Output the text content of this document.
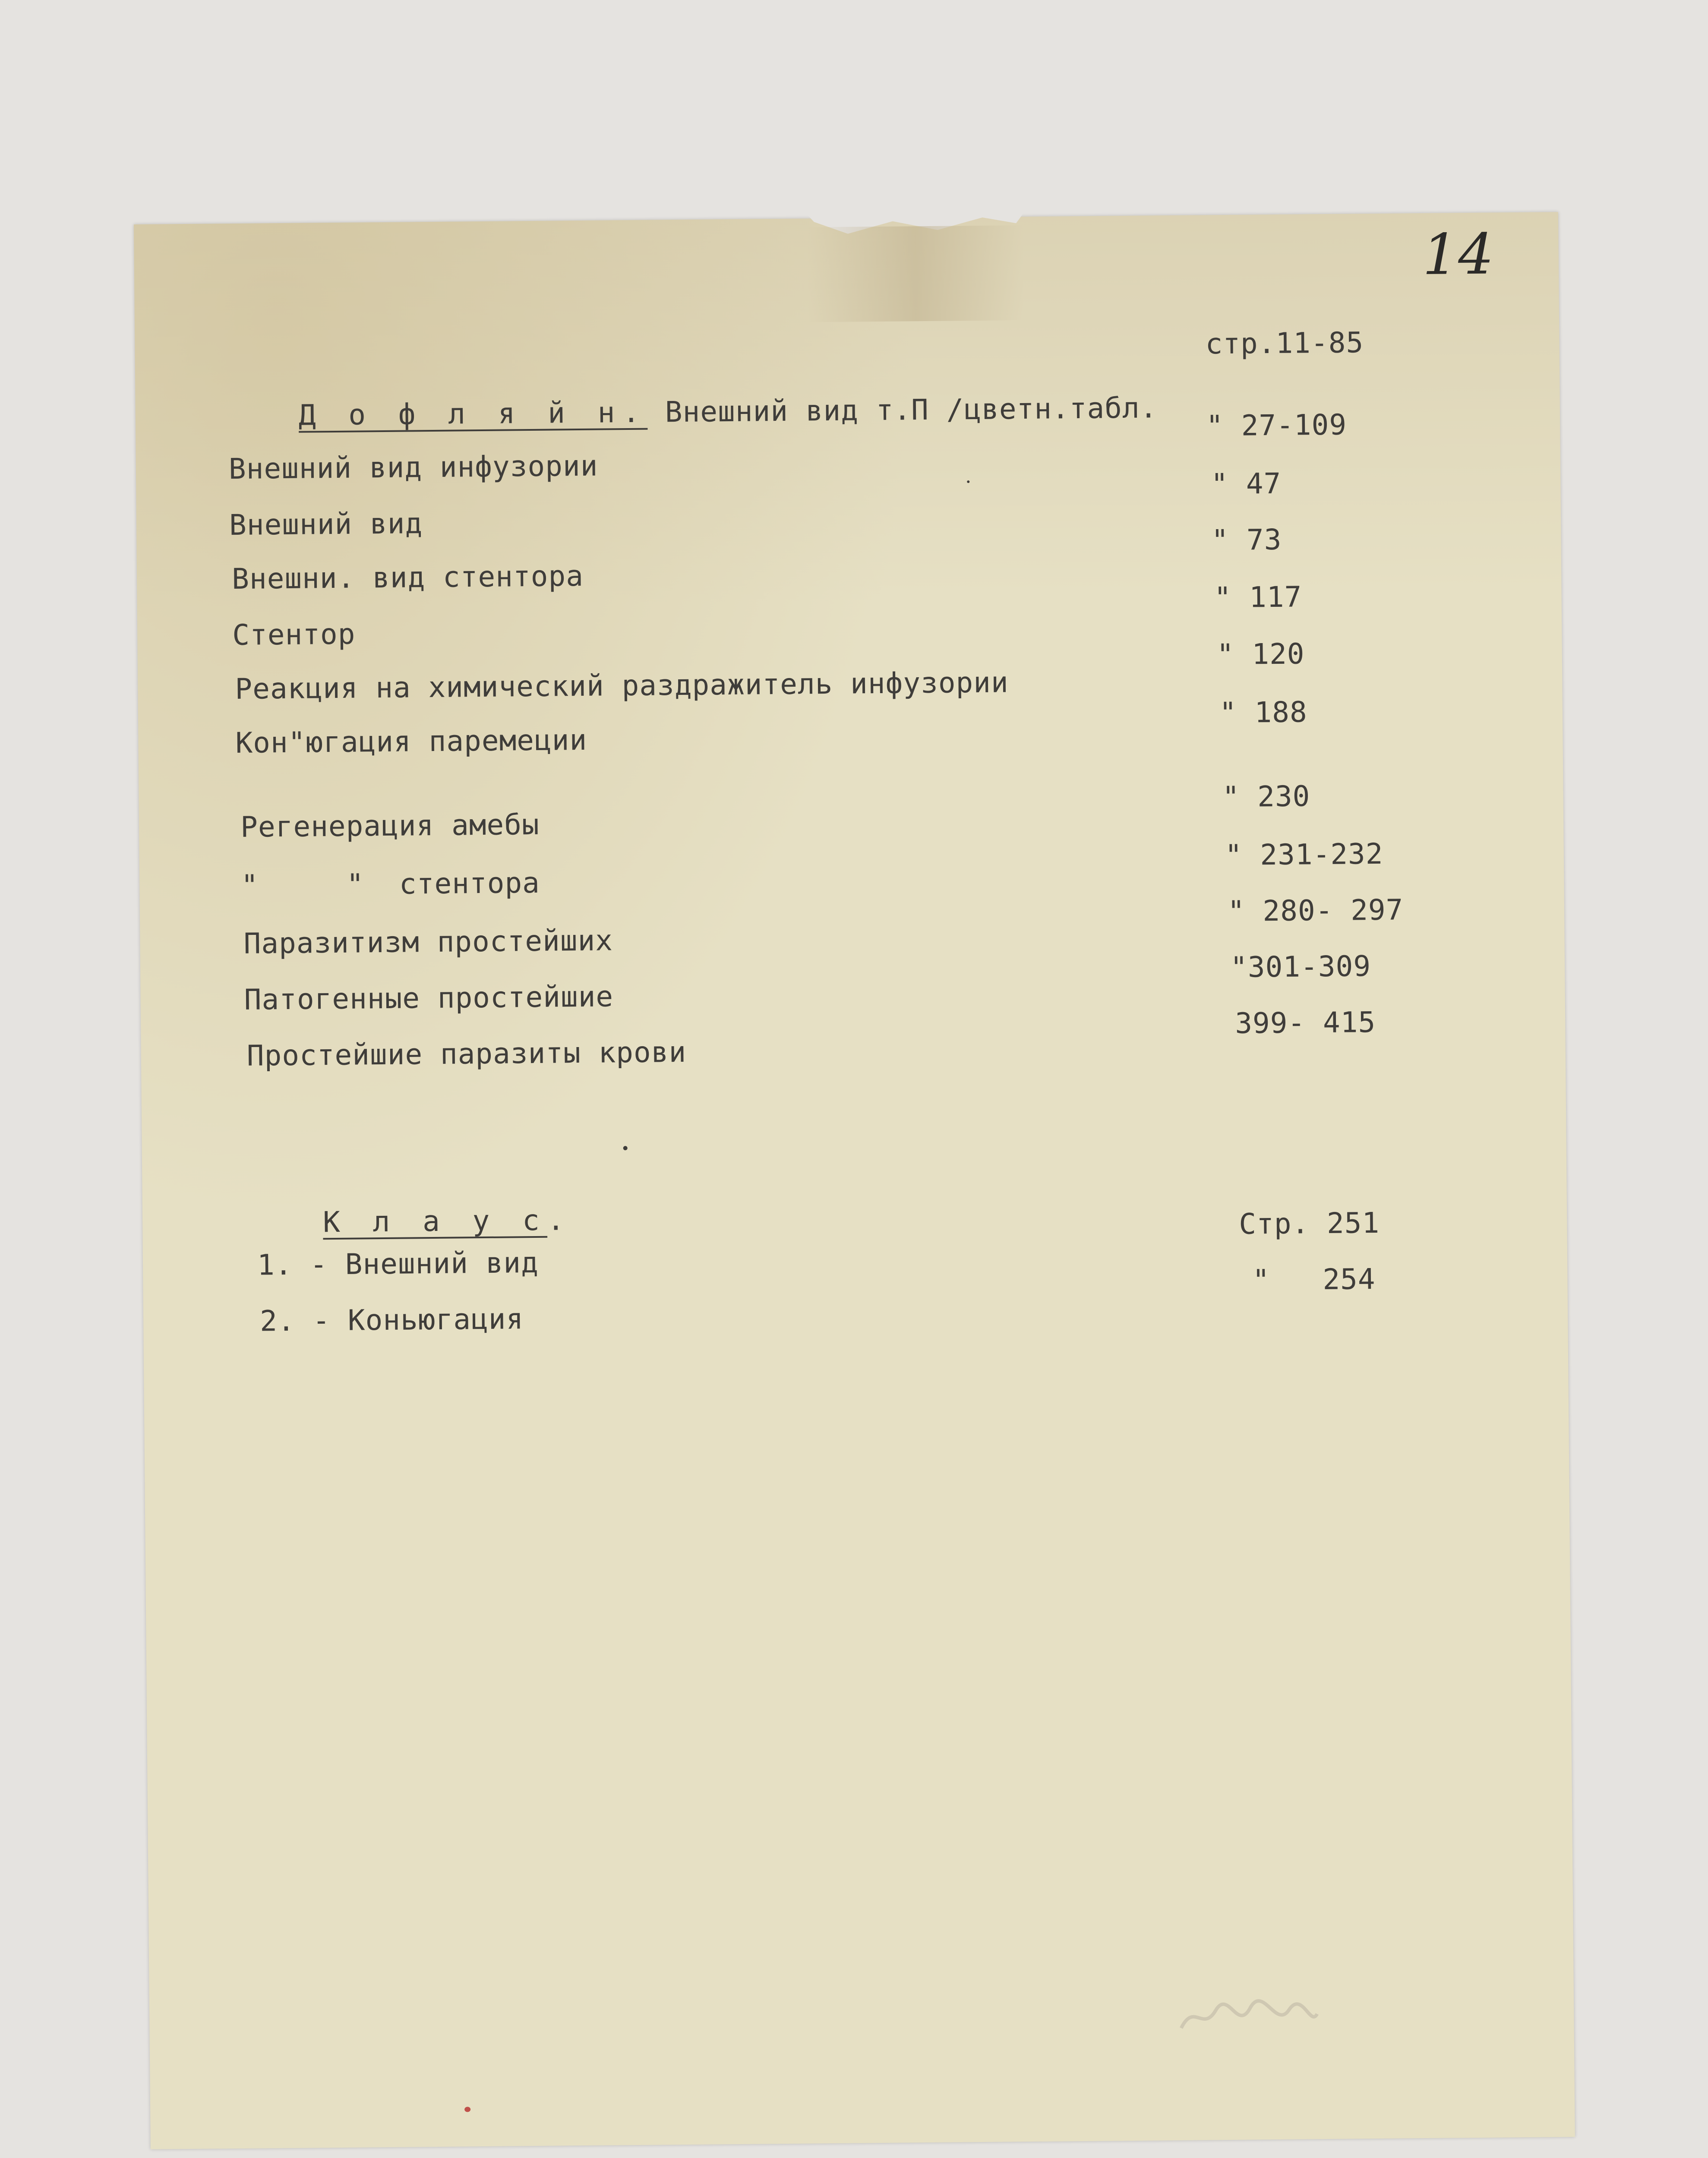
14

Д о ф л я й н. Внешний вид т.П /цветн.табл.

стр.11-85
Внешний вид инфузории
Внешний вид
Внешни. вид стентора
Стентор
Реакция на химический раздражитель инфузории
Кон"югация паремеции
Регенерация амебы
"     "  стентора
Паразитизм простейших
Патогенные простейшие
Простейшие паразиты крови
" 27-109
" 47
" 73
" 117
" 120
" 188
" 230
" 231-232
" 280- 297
"301-309
399- 415

К л а у с.

1. - Внешний вид
2. - Коньюгация
Стр. 251
"   254
